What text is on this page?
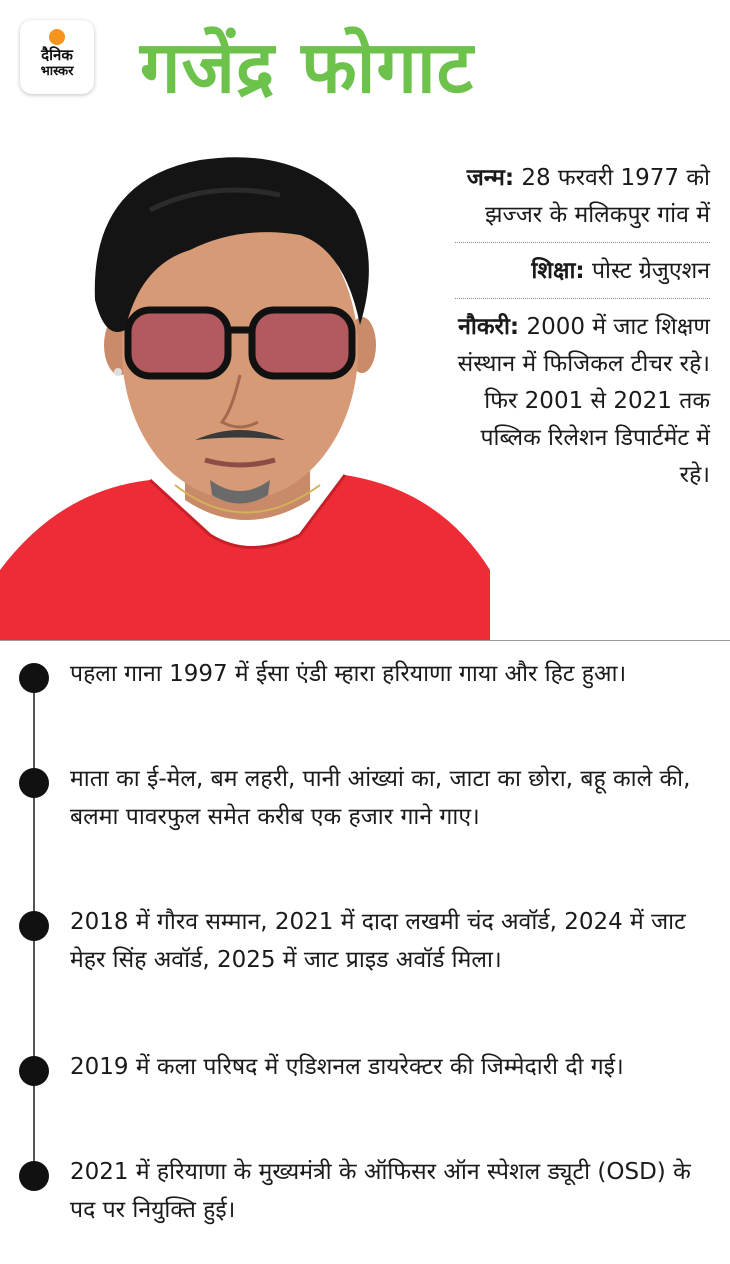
दैनिक
भास्कर गजेंद्र फोगाट
जन्म: 28 फरवरी 1977 को झज्जर के मलिकपुर गांव में
शिक्षा: पोस्ट ग्रेजुएशन
नौकरी: 2000 में जाट शिक्षण संस्थान में फिजिकल टीचर रहे। फिर 2001 से 2021 तक पब्लिक रिलेशन डिपार्टमेंट में रहे।
पहला गाना 1997 में ईसा एंडी म्हारा हरियाणा गाया और हिट हुआ।
माता का ई-मेल, बम लहरी, पानी आंख्यां का, जाटा का छोरा, बहू काले की, बलमा पावरफुल समेत करीब एक हजार गाने गाए।
2018 में गौरव सम्मान, 2021 में दादा लखमी चंद अवॉर्ड, 2024 में जाट मेहर सिंह अवॉर्ड, 2025 में जाट प्राइड अवॉर्ड मिला।
2019 में कला परिषद में एडिशनल डायरेक्टर की जिम्मेदारी दी गई।
2021 में हरियाणा के मुख्यमंत्री के ऑफिसर ऑन स्पेशल ड्यूटी (OSD) के पद पर नियुक्ति हुई।
